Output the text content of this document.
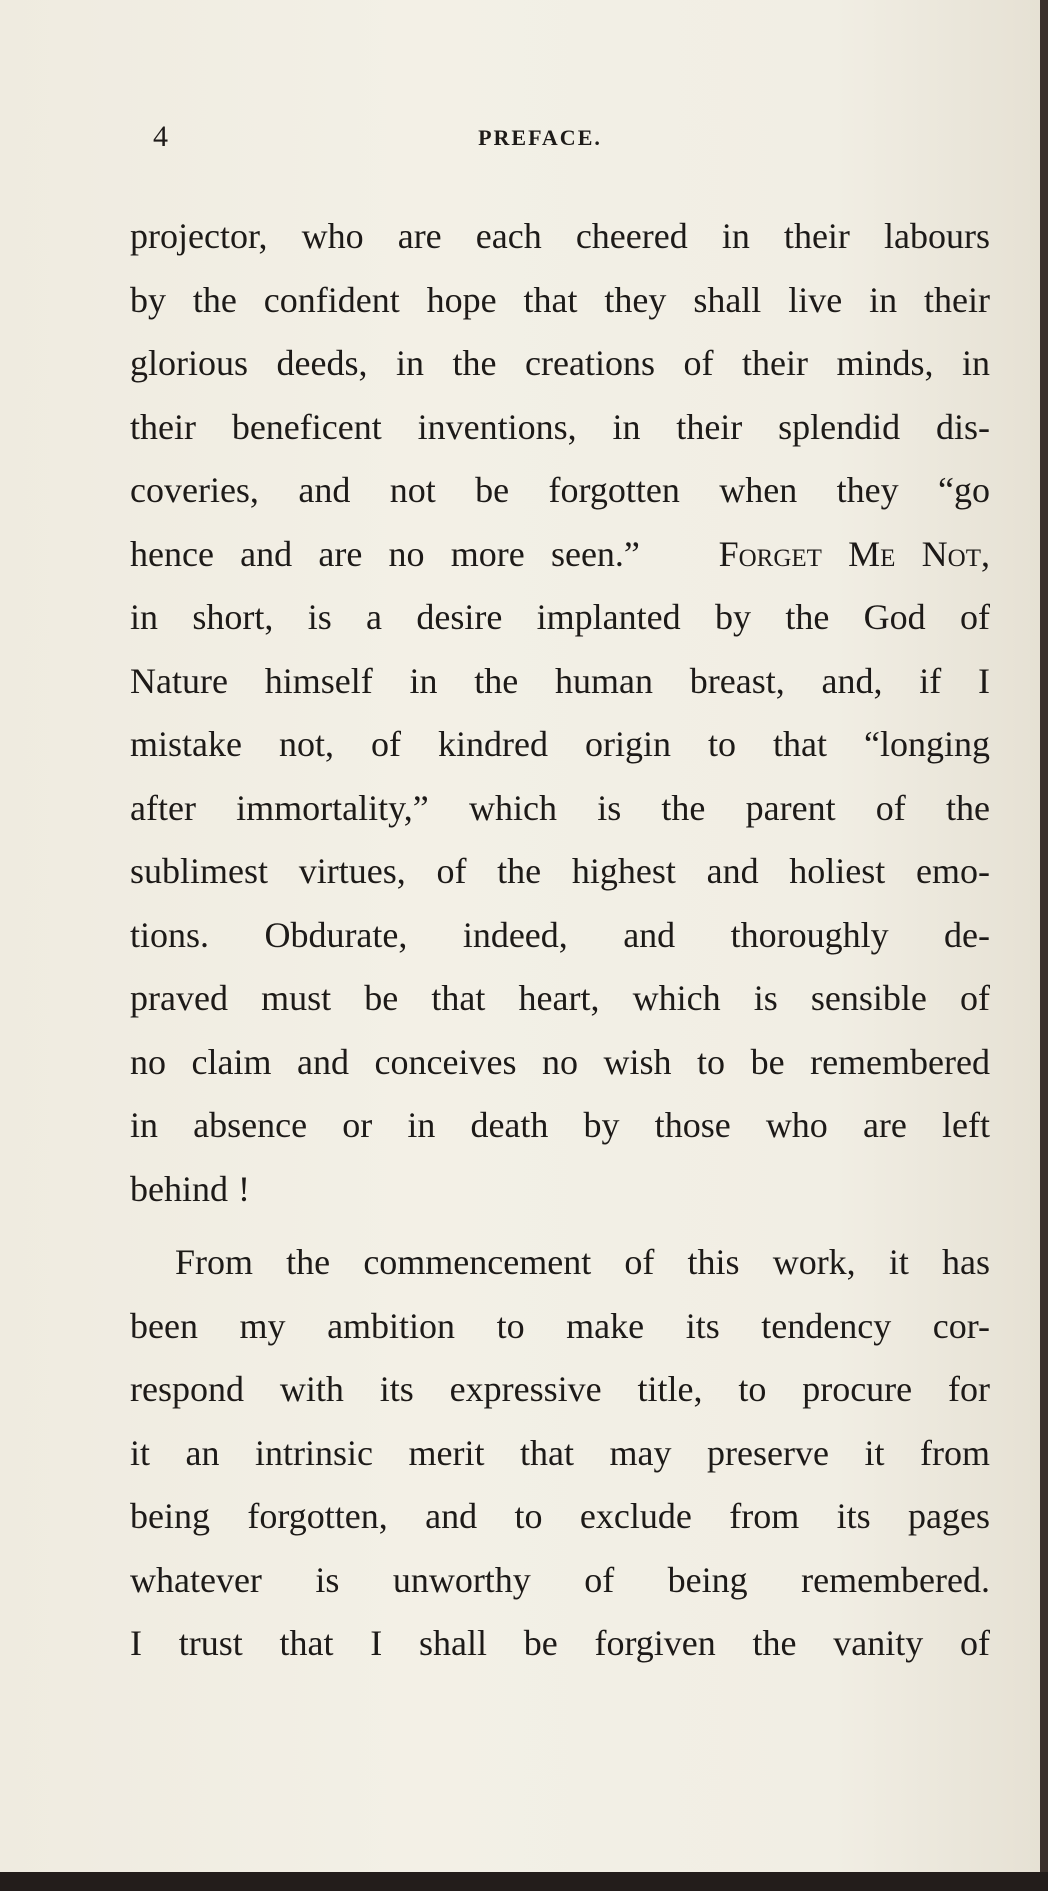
4	PREFACE.
projector, who are each cheered in their labours
by the confident hope that they shall live in their
glorious deeds, in the creations of their minds, in
their beneficent inventions, in their splendid dis-
coveries, and not be forgotten when they “go
hence and are no more seen.” Forget Me Not,
in short, is a desire implanted by the God of
Nature himself in the human breast, and, if I
mistake not, of kindred origin to that “longing
after immortality,” which is the parent of the
sublimest virtues, of the highest and holiest emo-
tions. Obdurate, indeed, and thoroughly de-
praved must be that heart, which is sensible of
no claim and conceives no wish to be remembered
in absence or in death by those who are left
behind !
From the commencement of this work, it has
been my ambition to make its tendency cor-
respond with its expressive title, to procure for
it an intrinsic merit that may preserve it from
being forgotten, and to exclude from its pages
whatever is unworthy of being remembered.
I trust that I shall be forgiven the vanity of
